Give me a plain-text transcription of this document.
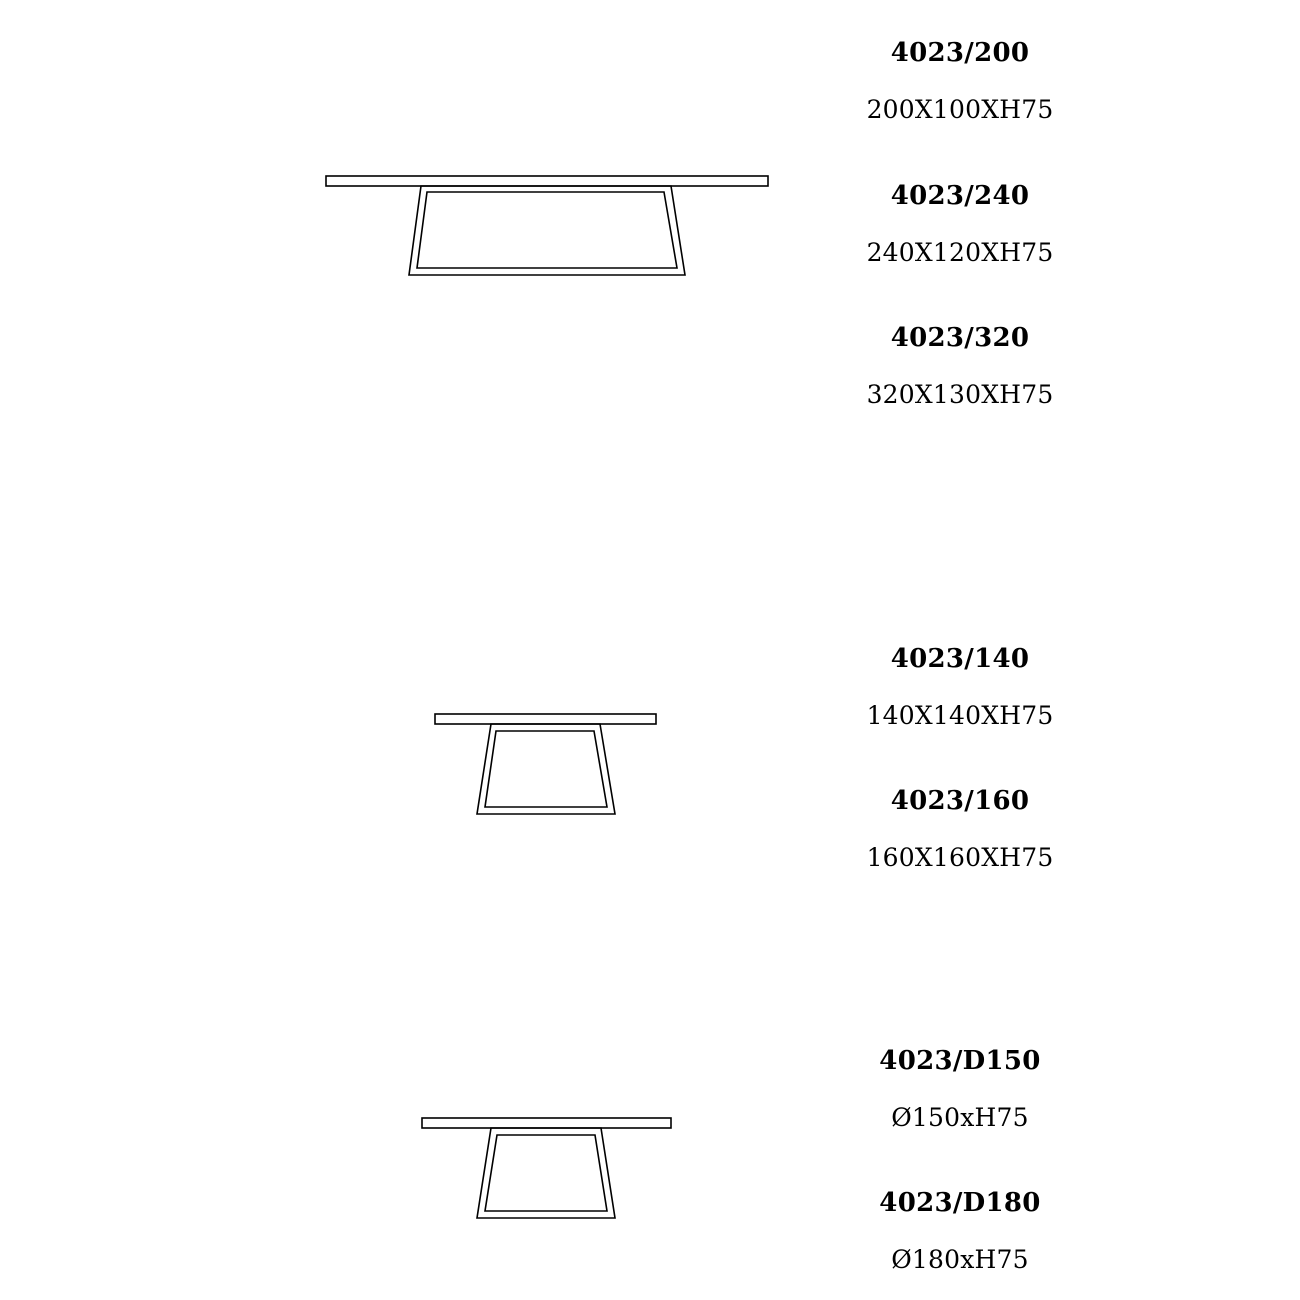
4023/200
200X100XH75
4023/240
240X120XH75
4023/320
320X130XH75
4023/140
140X140XH75
4023/160
160X160XH75
4023/D150
Ø150xH75
4023/D180
Ø180xH75
